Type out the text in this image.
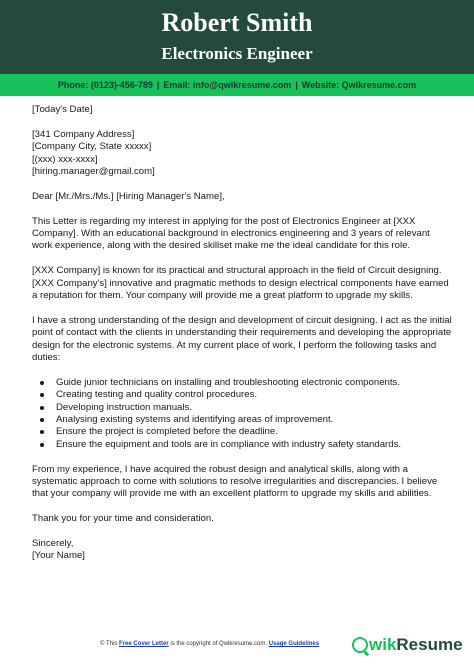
Robert Smith
Electronics Engineer
Phone: (0123)-456-789 | Email: info@qwikresume.com | Website: Qwikresume.com

[Today's Date]

[341 Company Address]
[Company City, State xxxxx]
[(xxx) xxx-xxxx]
[hiring.manager@gmail.com]

Dear [Mr./Mrs./Ms.] [Hiring Manager's Name],

This Letter is regarding my interest in applying for the post of Electronics Engineer at [XXX Company]. With an educational background in electronics engineering and 3 years of relevant work experience, along with the desired skillset make me the ideal candidate for this role.

[XXX Company] is known for its practical and structural approach in the field of Circuit designing. [XXX Company's] innovative and pragmatic methods to design electrical components have earned a reputation for them. Your company will provide me a great platform to upgrade my skills.

I have a strong understanding of the design and development of circuit designing. I act as the initial point of contact with the clients in understanding their requirements and developing the appropriate design for the electronic systems. At my current place of work, I perform the following tasks and duties:

Guide junior technicians on installing and troubleshooting electronic components.
Creating testing and quality control procedures.
Developing instruction manuals.
Analysing existing systems and identifying areas of improvement.
Ensure the project is completed before the deadline.
Ensure the equipment and tools are in compliance with industry safety standards.

From my experience, I have acquired the robust design and analytical skills, along with a systematic approach to come with solutions to resolve irregularities and discrepancies. I believe that your company will provide me with an excellent platform to upgrade my skills and abilities.

Thank you for your time and consideration.

Sincerely,
[Your Name]
© This Free Cover Letter is the copyright of Qwikresume.com. Usage Guidelines	wik Resume
